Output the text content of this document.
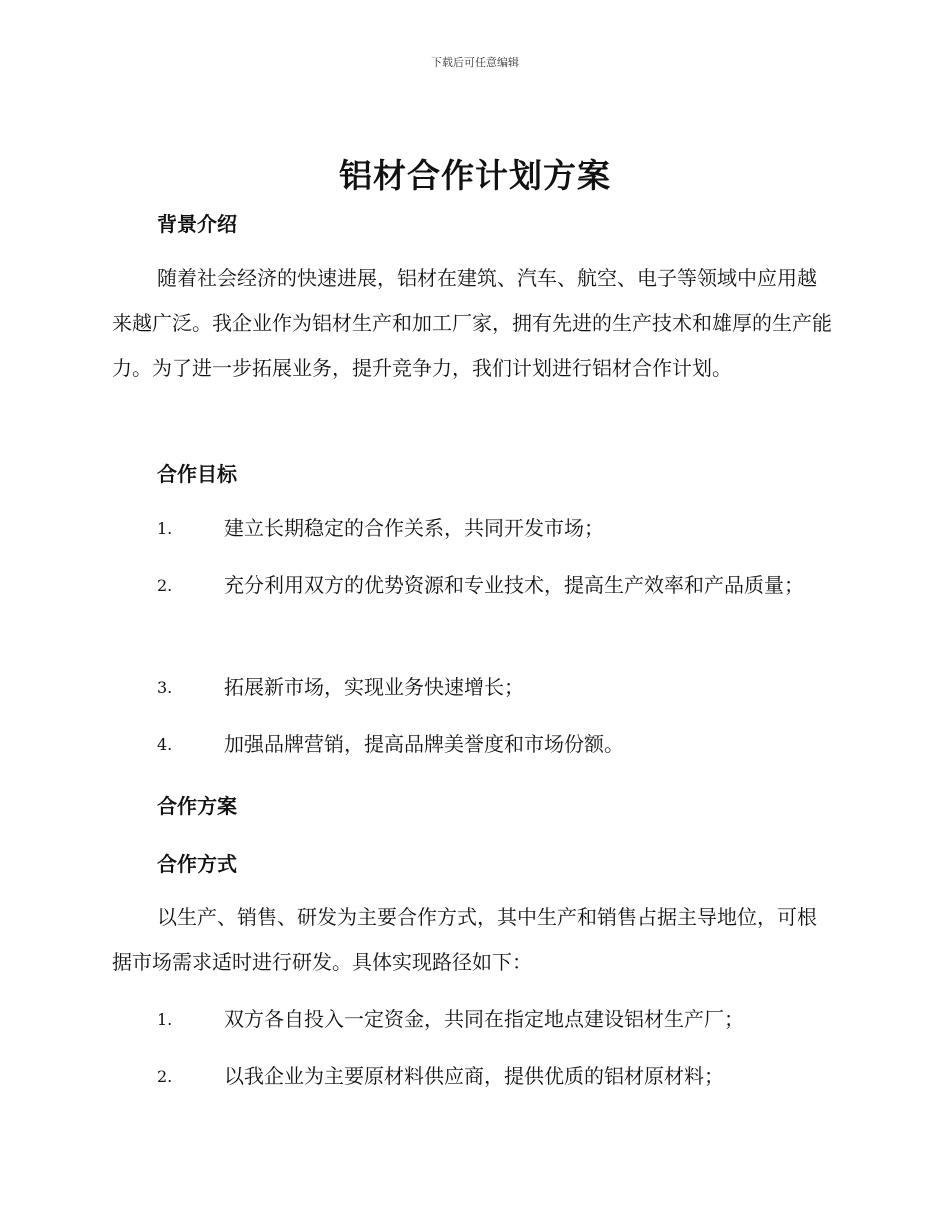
下载后可任意编辑
铝材合作计划方案
背景介绍

随着社会经济的快速进展，铝材在建筑、汽车、航空、电子等领域中应用越来越广泛。我企业作为铝材生产和加工厂家，拥有先进的生产技术和雄厚的生产能力。为了进一步拓展业务，提升竞争力，我们计划进行铝材合作计划。

合作目标
1.	建立长期稳定的合作关系，共同开发市场；

2.	充分利用双方的优势资源和专业技术，提高生产效率和产品质量；

3.	拓展新市场，实现业务快速增长；

4.	加强品牌营销，提高品牌美誉度和市场份额。

合作方案
合作方式

以生产、销售、研发为主要合作方式，其中生产和销售占据主导地位，可根据市场需求适时进行研发。具体实现路径如下：

1.	双方各自投入一定资金，共同在指定地点建设铝材生产厂；

2.	以我企业为主要原材料供应商，提供优质的铝材原材料；
